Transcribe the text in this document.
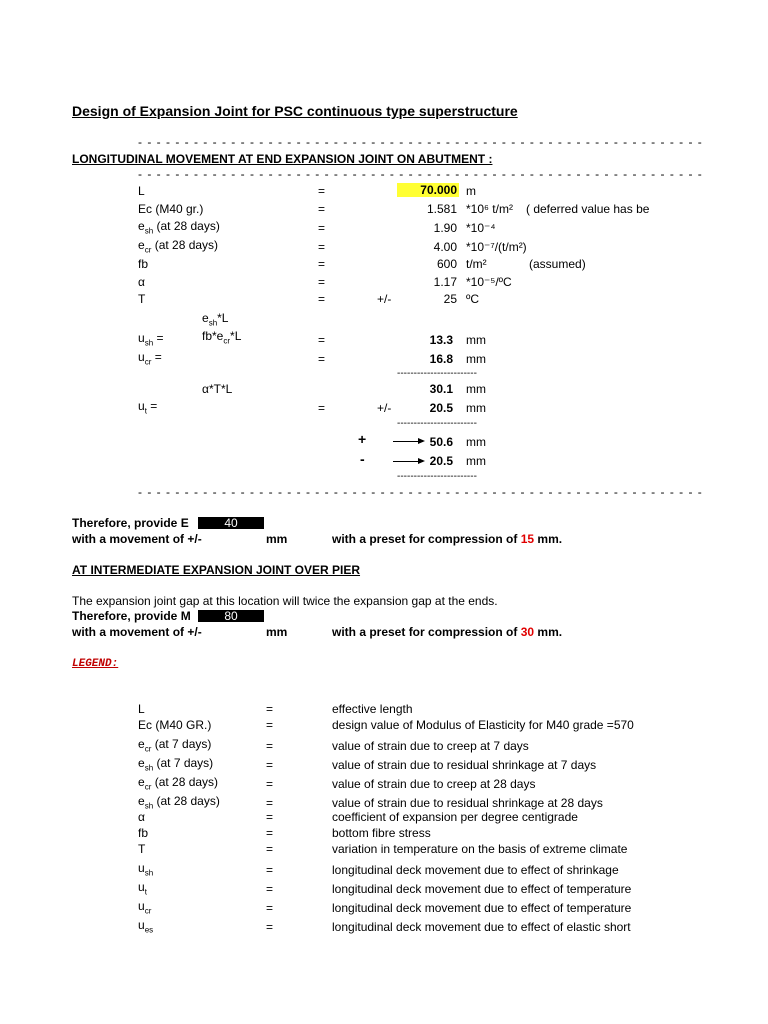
Design of Expansion Joint for PSC continuous type superstructure
- - - - - - - - - - - - - - - - - - - - - - - - - - - - - - - - - - - - - - - - - - - - - - - - - - - - - - - - - - - - -
LONGITUDINAL MOVEMENT AT END EXPANSION JOINT ON ABUTMENT :
- - - - - - - - - - - - - - - - - - - - - - - - - - - - - - - - - - - - - - - - - - - - - - - - - - - - - - - - - - - - -
L	=	70.000 m
Ec (M40 gr.)	=	1.581 *10⁶ t/m² ( deferred value has be
$e_{sh}$ (at 28 days)	=	1.90 *10⁻⁴
$e_{cr}$ (at 28 days)	=	4.00 *10⁻⁷/(t/m²)
fb	=	600 t/m²	(assumed)
α	=	1.17 *10⁻⁵/ºC
T	=	+/-	25 ºC
$e_{sh}*L$
$u_{sh}$ =	$fb*e_{cr}*L$	=	13.3 mm
$u_{cr}$ =	=	16.8 mm
------------------------
α*T*L	30.1 mm
$u_t$ =	=	+/-	20.5 mm
------------------------
+	50.6 mm
-	20.5 mm
------------------------
- - - - - - - - - - - - - - - - - - - - - - - - - - - - - - - - - - - - - - - - - - - - - - - - - - - - - - - - - - - - -
Therefore, provide E	40
with a movement of +/-	mm	with a preset for compression of 15 mm.
AT INTERMEDIATE EXPANSION JOINT OVER PIER
The expansion joint gap at this location will twice the expansion gap at the ends.
Therefore, provide M	80
with a movement of +/-	mm	with a preset for compression of 30 mm.
LEGEND:
L	=	effective length
Ec (M40 GR.)	=	design value of Modulus of Elasticity for M40 grade =570
$e_{cr}$ (at 7 days)	=	value of strain due to creep at 7 days
$e_{sh}$ (at 7 days)	=	value of strain due to residual shrinkage at 7 days
$e_{cr}$ (at 28 days)	=	value of strain due to creep at 28 days
$e_{sh}$ (at 28 days)	=	value of strain due to residual shrinkage at 28 days
α	=	coefficient of expansion per degree centigrade
fb	=	bottom fibre stress
T	=	variation in temperature on the basis of extreme climate
$u_{sh}$	=	longitudinal deck movement due to effect of shrinkage
$u_t$	=	longitudinal deck movement due to effect of temperature
$u_{cr}$	=	longitudinal deck movement due to effect of temperature
$u_{es}$	=	longitudinal deck movement due to effect of elastic short
